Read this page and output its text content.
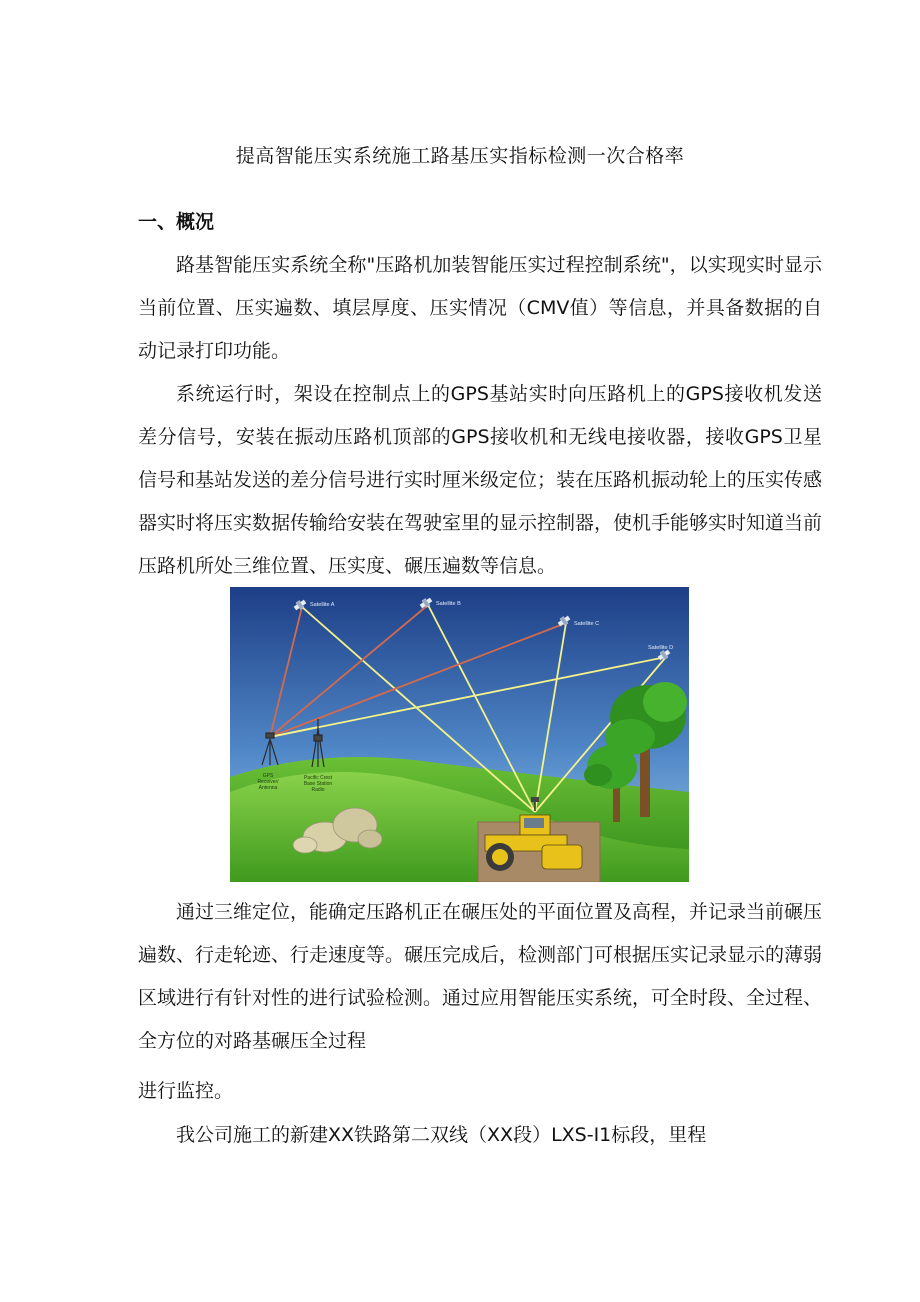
提高智能压实系统施工路基压实指标检测一次合格率
一、概况

路基智能压实系统全称"压路机加装智能压实过程控制系统"，以实现实时显示当前位置、压实遍数、填层厚度、压实情况（CMV值）等信息，并具备数据的自动记录打印功能。

系统运行时，架设在控制点上的GPS基站实时向压路机上的GPS接收机发送差分信号，安装在振动压路机顶部的GPS接收机和无线电接收器，接收GPS卫星信号和基站发送的差分信号进行实时厘米级定位；装在压路机振动轮上的压实传感器实时将压实数据传输给安装在驾驶室里的显示控制器，使机手能够实时知道当前压路机所处三维位置、压实度、碾压遍数等信息。

Satellite A	Satellite B
Satellite C
Satellite D
GPS
Receiver/
Antenna
Pacific Crest
Base Station
Radio

通过三维定位，能确定压路机正在碾压处的平面位置及高程，并记录当前碾压遍数、行走轮迹、行走速度等。碾压完成后，检测部门可根据压实记录显示的薄弱区域进行有针对性的进行试验检测。通过应用智能压实系统，可全时段、全过程、全方位的对路基碾压全过程

进行监控。

我公司施工的新建XX铁路第二双线（XX段）LXS-I1标段，里程
